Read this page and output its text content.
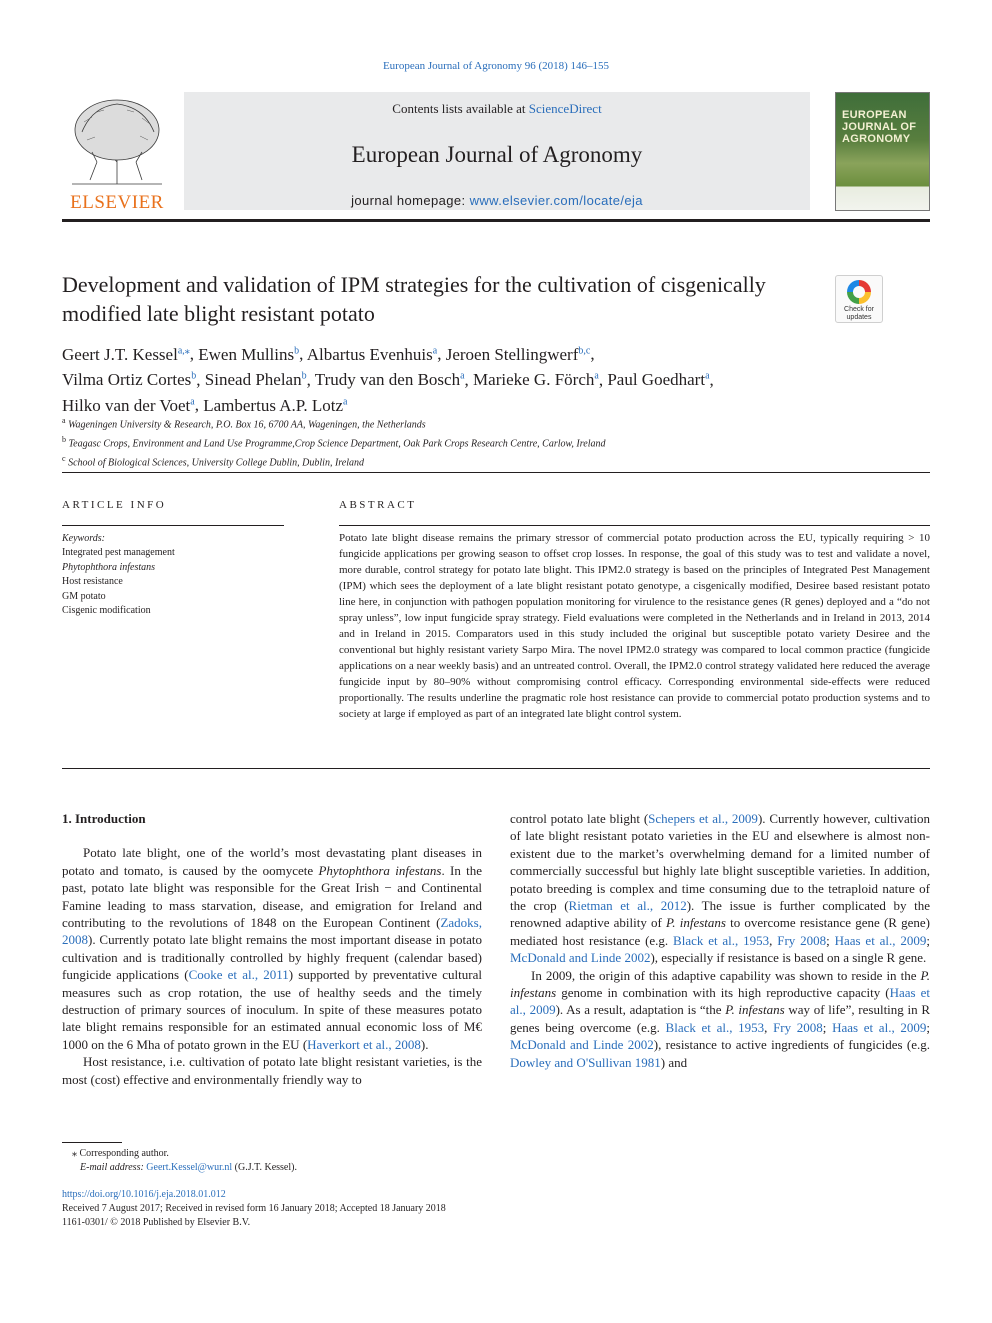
European Journal of Agronomy 96 (2018) 146–155
ELSEVIER
Contents lists available at ScienceDirect
European Journal of Agronomy
journal homepage: www.elsevier.com/locate/eja
EUROPEAN JOURNAL OF AGRONOMY
Development and validation of IPM strategies for the cultivation of cisgenically modified late blight resistant potato	Check for updates
Geert J.T. Kessel$^{a,⁎}$, Ewen Mullins$^b$, Albartus Evenhuis$^a$, Jeroen Stellingwerf$^{b,c}$,
Vilma Ortiz Cortes$^b$, Sinead Phelan$^b$, Trudy van den Bosch$^a$, Marieke G. Förch$^a$, Paul Goedhart$^a$,
Hilko van der Voet$^a$, Lambertus A.P. Lotz$^a$
$^a$ Wageningen University & Research, P.O. Box 16, 6700 AA, Wageningen, the Netherlands
$^b$ Teagasc Crops, Environment and Land Use Programme,Crop Science Department, Oak Park Crops Research Centre, Carlow, Ireland
$^c$ School of Biological Sciences, University College Dublin, Dublin, Ireland
ARTICLE INFO
Keywords:
Integrated pest management
Phytophthora infestans
Host resistance
GM potato
Cisgenic modification
ABSTRACT
Potato late blight disease remains the primary stressor of commercial potato production across the EU, typically requiring > 10 fungicide applications per growing season to offset crop losses. In response, the goal of this study was to test and validate a novel, more durable, control strategy for potato late blight. This IPM2.0 strategy is based on the principles of Integrated Pest Management (IPM) which sees the deployment of a late blight resistant potato genotype, a cisgenically modified, Desiree based resistant potato line here, in conjunction with pathogen population monitoring for virulence to the resistance genes (R genes) deployed and a “do not spray unless”, low input fungicide spray strategy. Field evaluations were completed in the Netherlands and in Ireland in 2013, 2014 and in Ireland in 2015. Comparators used in this study included the original but susceptible potato variety Desiree and the conventional but highly resistant variety Sarpo Mira. The novel IPM2.0 strategy was compared to local common practice (fungicide applications on a near weekly basis) and an untreated control. Overall, the IPM2.0 control strategy validated here reduced the average fungicide input by 80–90% without compromising control efficacy. Corresponding environmental side-effects were reduced proportionally. The results underline the pragmatic role host resistance can provide to commercial potato production systems and to society at large if employed as part of an integrated late blight control system.

1. Introduction

Potato late blight, one of the world’s most devastating plant diseases in potato and tomato, is caused by the oomycete Phytophthora infestans. In the past, potato late blight was responsible for the Great Irish − and Continental Famine leading to mass starvation, disease, and emigration for Ireland and contributing to the revolutions of 1848 on the European Continent (Zadoks, 2008). Currently potato late blight remains the most important disease in potato cultivation and is traditionally controlled by highly frequent (calendar based) fungicide applications (Cooke et al., 2011) supported by preventative cultural measures such as crop rotation, the use of healthy seeds and the timely destruction of primary sources of inoculum. In spite of these measures potato late blight remains responsible for an estimated annual economic loss of M€ 1000 on the 6 Mha of potato grown in the EU (Haverkort et al., 2008).

Host resistance, i.e. cultivation of potato late blight resistant varieties, is the most (cost) effective and environmentally friendly way to

control potato late blight (Schepers et al., 2009). Currently however, cultivation of late blight resistant potato varieties in the EU and elsewhere is almost non-existent due to the market’s overwhelming demand for a limited number of commercially successful but highly late blight susceptible varieties. In addition, potato breeding is complex and time consuming due to the tetraploid nature of the crop (Rietman et al., 2012). The issue is further complicated by the renowned adaptive ability of P. infestans to overcome resistance gene (R gene) mediated host resistance (e.g. Black et al., 1953, Fry 2008; Haas et al., 2009; McDonald and Linde 2002), especially if resistance is based on a single R gene.

In 2009, the origin of this adaptive capability was shown to reside in the P. infestans genome in combination with its high reproductive capacity (Haas et al., 2009). As a result, adaptation is “the P. infestans way of life”, resulting in R genes being overcome (e.g. Black et al., 1953, Fry 2008; Haas et al., 2009; McDonald and Linde 2002), resistance to active ingredients of fungicides (e.g. Dowley and O'Sullivan 1981) and

⁎ Corresponding author.
E-mail address: Geert.Kessel@wur.nl (G.J.T. Kessel).
https://doi.org/10.1016/j.eja.2018.01.012
Received 7 August 2017; Received in revised form 16 January 2018; Accepted 18 January 2018
1161-0301/ © 2018 Published by Elsevier B.V.
